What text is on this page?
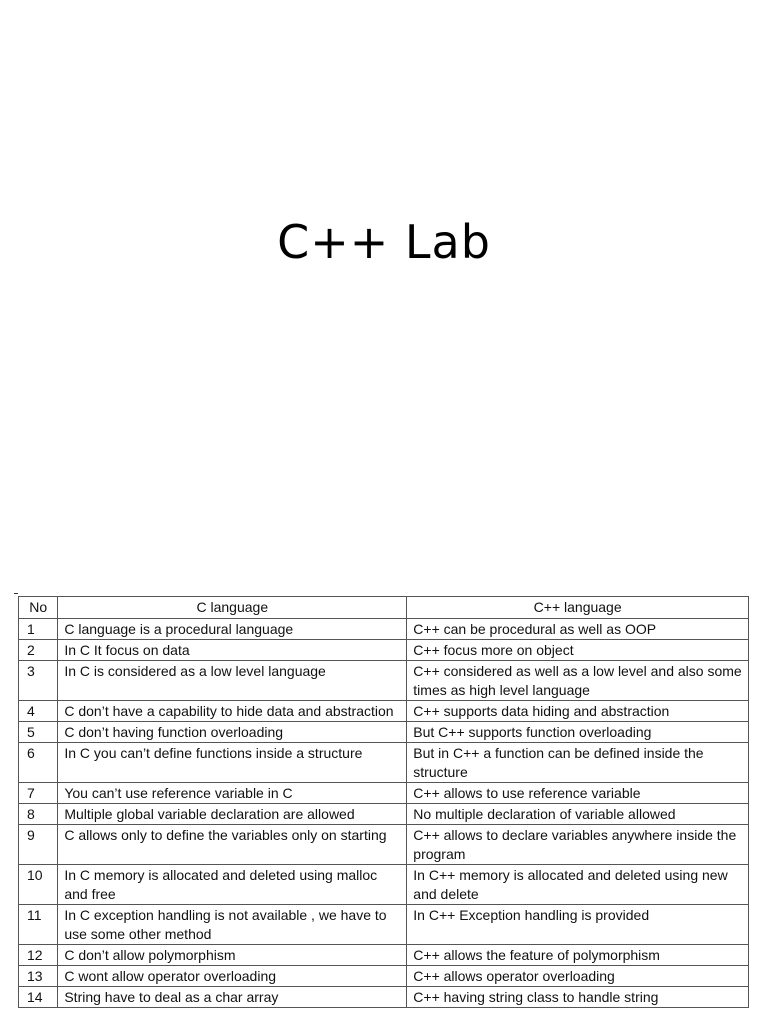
C++ Lab
No	C language	C++ language
1	C language is a procedural language	C++ can be procedural as well as OOP
2	In C It focus on data	C++ focus more on object
3	In C is considered as a low level language	C++ considered as well as a low level and also some times as high level language
4	C don’t have a capability to hide data and abstraction	C++ supports data hiding and abstraction
5	C don’t having function overloading	But C++ supports function overloading
6	In C you can’t define functions inside a structure	But in C++ a function can be defined inside the structure
7	You can’t use reference variable in C	C++ allows to use reference variable
8	Multiple global variable declaration are allowed	No multiple declaration of variable allowed
9	C allows only to define the variables only on starting	C++ allows to declare variables anywhere inside the program
10	In C memory is allocated and deleted using malloc and free	In C++ memory is allocated and deleted using new and delete
11	In C exception handling is not available , we have to use some other method	In C++ Exception handling is provided
12	C don’t allow polymorphism	C++ allows the feature of polymorphism
13	C wont allow operator overloading	C++ allows operator overloading
14	String have to deal as a char array	C++ having string class to handle string
